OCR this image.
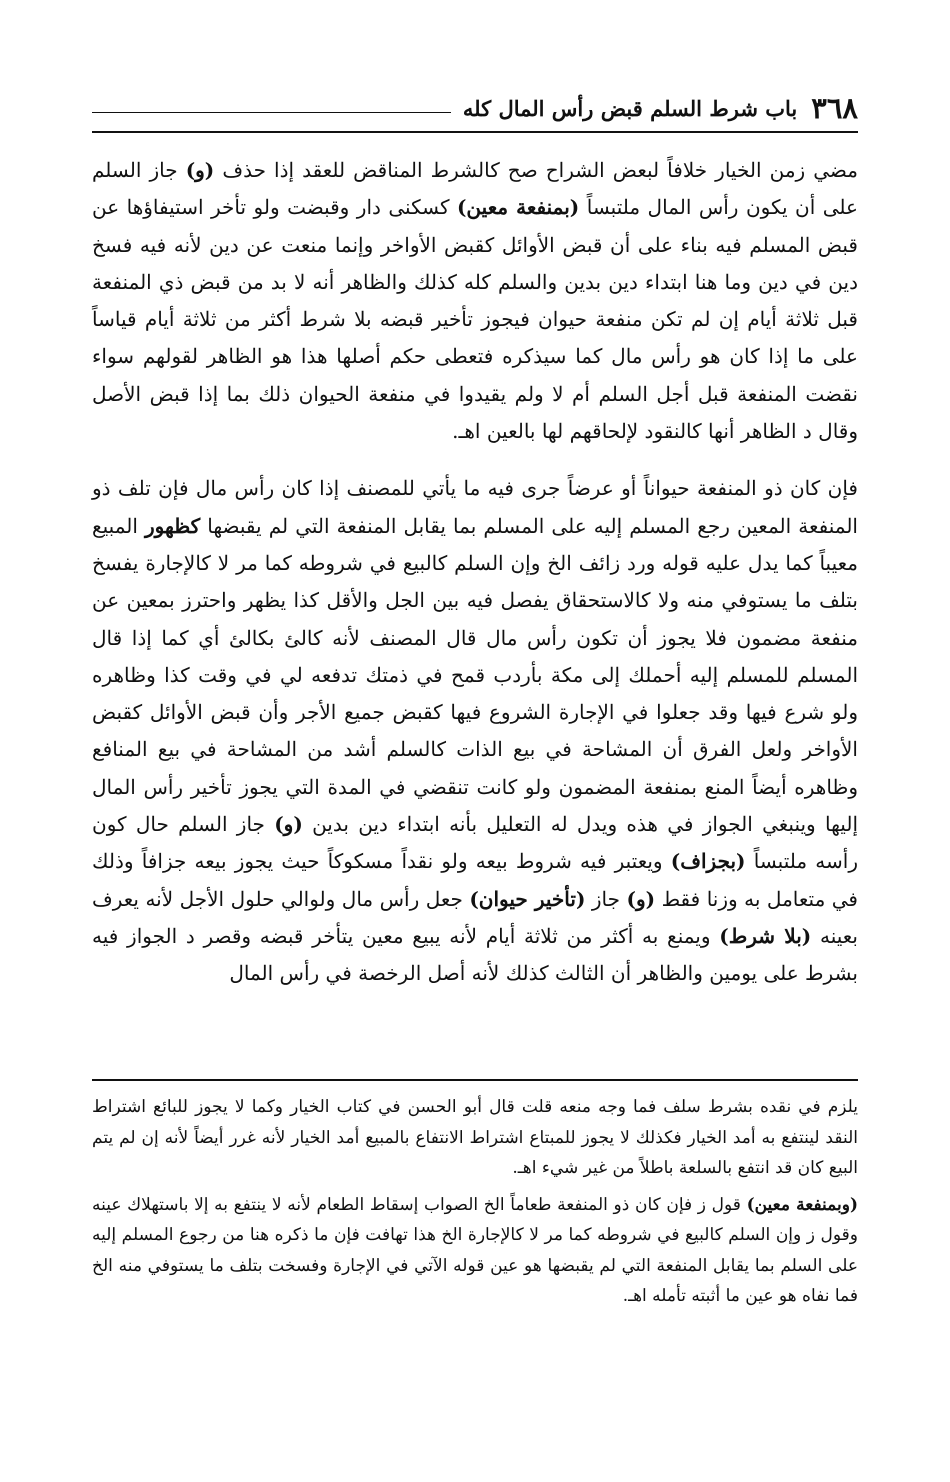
٣٦٨
باب شرط السلم قبض رأس المال كله

مضي زمن الخيار خلافاً لبعض الشراح صح كالشرط المناقض للعقد إذا حذف (و) جاز السلم على أن يكون رأس المال ملتبساً (بمنفعة معين) كسكنى دار وقبضت ولو تأخر استيفاؤها عن قبض المسلم فيه بناء على أن قبض الأوائل كقبض الأواخر وإنما منعت عن دين لأنه فيه فسخ دين في دين وما هنا ابتداء دين بدين والسلم كله كذلك والظاهر أنه لا بد من قبض ذي المنفعة قبل ثلاثة أيام إن لم تكن منفعة حيوان فيجوز تأخير قبضه بلا شرط أكثر من ثلاثة أيام قياساً على ما إذا كان هو رأس مال كما سيذكره فتعطى حكم أصلها هذا هو الظاهر لقولهم سواء نقضت المنفعة قبل أجل السلم أم لا ولم يقيدوا في منفعة الحيوان ذلك بما إذا قبض الأصل وقال د الظاهر أنها كالنقود لإلحاقهم لها بالعين اهـ.

فإن كان ذو المنفعة حيواناً أو عرضاً جرى فيه ما يأتي للمصنف إذا كان رأس مال فإن تلف ذو المنفعة المعين رجع المسلم إليه على المسلم بما يقابل المنفعة التي لم يقبضها كظهور المبيع معيباً كما يدل عليه قوله ورد زائف الخ وإن السلم كالبيع في شروطه كما مر لا كالإجارة يفسخ بتلف ما يستوفي منه ولا كالاستحقاق يفصل فيه بين الجل والأقل كذا يظهر واحترز بمعين عن منفعة مضمون فلا يجوز أن تكون رأس مال قال المصنف لأنه كالئ بكالئ أي كما إذا قال المسلم للمسلم إليه أحملك إلى مكة بأردب قمح في ذمتك تدفعه لي في وقت كذا وظاهره ولو شرع فيها وقد جعلوا في الإجارة الشروع فيها كقبض جميع الأجر وأن قبض الأوائل كقبض الأواخر ولعل الفرق أن المشاحة في بيع الذات كالسلم أشد من المشاحة في بيع المنافع وظاهره أيضاً المنع بمنفعة المضمون ولو كانت تنقضي في المدة التي يجوز تأخير رأس المال إليها وينبغي الجواز في هذه ويدل له التعليل بأنه ابتداء دين بدين (و) جاز السلم حال كون رأسه ملتبساً (بجزاف) ويعتبر فيه شروط بيعه ولو نقداً مسكوكاً حيث يجوز بيعه جزافاً وذلك في متعامل به وزنا فقط (و) جاز (تأخير حيوان) جعل رأس مال ولوالي حلول الأجل لأنه يعرف بعينه (بلا شرط) ويمنع به أكثر من ثلاثة أيام لأنه يبيع معين يتأخر قبضه وقصر د الجواز فيه بشرط على يومين والظاهر أن الثالث كذلك لأنه أصل الرخصة في رأس المال

يلزم في نقده بشرط سلف فما وجه منعه قلت قال أبو الحسن في كتاب الخيار وكما لا يجوز للبائع اشتراط النقد لينتفع به أمد الخيار فكذلك لا يجوز للمبتاع اشتراط الانتفاع بالمبيع أمد الخيار لأنه غرر أيضاً لأنه إن لم يتم البيع كان قد انتفع بالسلعة باطلاً من غير شيء اهـ.

(وبمنفعة معين) قول ز فإن كان ذو المنفعة طعاماً الخ الصواب إسقاط الطعام لأنه لا ينتفع به إلا باستهلاك عينه وقول ز وإن السلم كالبيع في شروطه كما مر لا كالإجارة الخ هذا تهافت فإن ما ذكره هنا من رجوع المسلم إليه على السلم بما يقابل المنفعة التي لم يقبضها هو عين قوله الآتي في الإجارة وفسخت بتلف ما يستوفي منه الخ فما نفاه هو عين ما أثبته تأمله اهـ.
